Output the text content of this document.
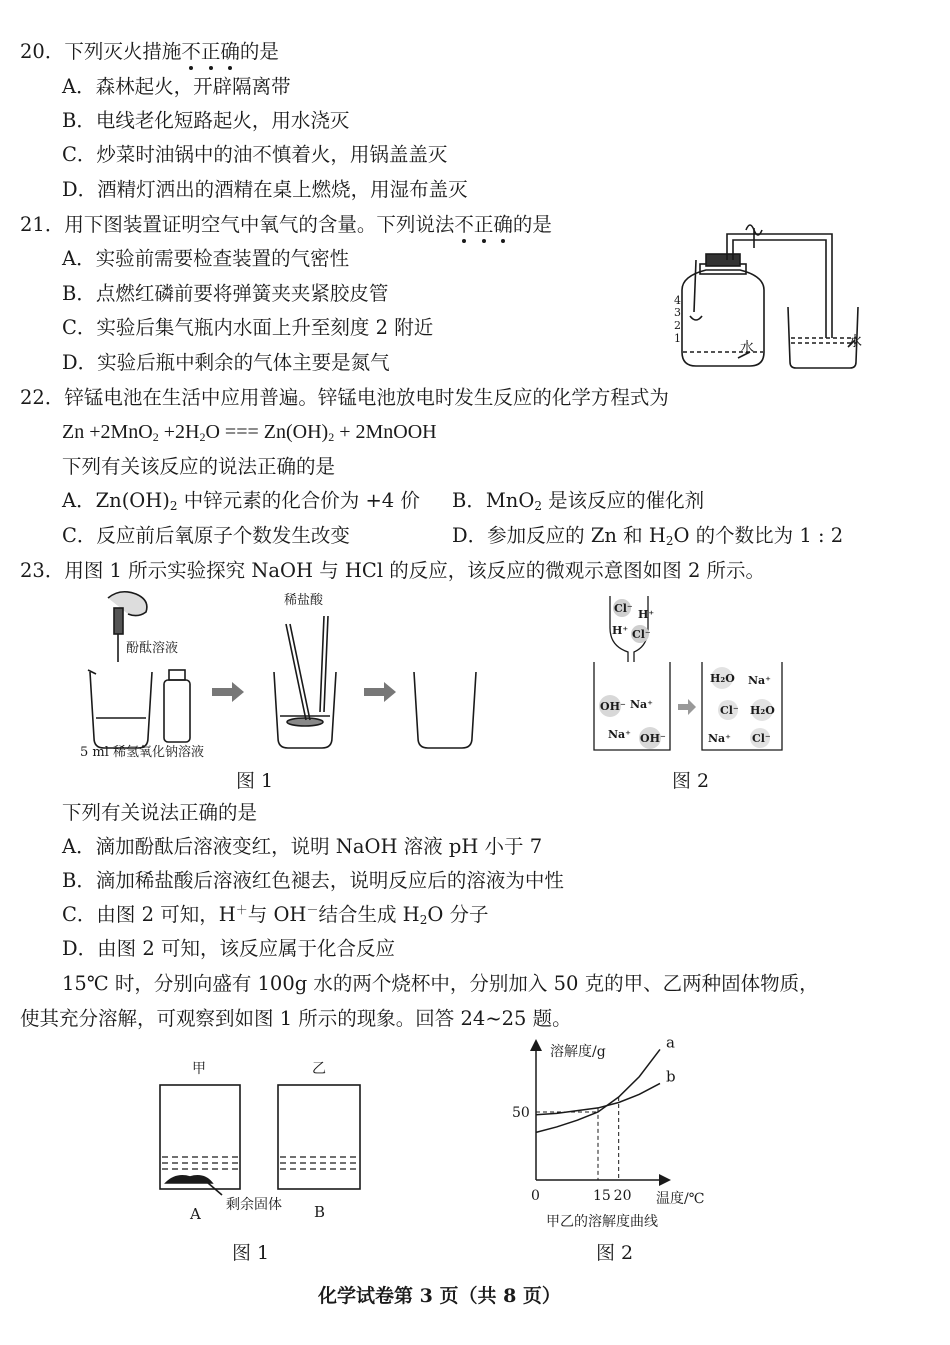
20．下列灭火措施不
正
确
的是
A．森林起火，开辟隔离带
B．电线老化短路起火，用水浇灭
C．炒菜时油锅中的油不慎着火，用锅盖盖灭
D．酒精灯洒出的酒精在桌上燃烧，用湿布盖灭
21．用下图装置证明空气中氧气的含量。下列说法不
正
确
的是
A．实验前需要检查装置的气密性
B．点燃红磷前要将弹簧夹夹紧胶皮管
C．实验后集气瓶内水面上升至刻度 2 附近
D．实验后瓶中剩余的气体主要是氮气
4
3
2
1
水	水
22．锌锰电池在生活中应用普遍。锌锰电池放电时发生反应的化学方程式为
$Zn +2MnO_2 +2H_2O$ === $Zn(OH)_2$ + 2MnOOH
下列有关该反应的说法正确的是
A．$Zn(OH)_2$ 中锌元素的化合价为 +4 价 B．MnO$_2$ 是该反应的催化剂
C．反应前后氧原子个数发生改变	D．参加反应的 Zn 和 $H_2O$ 的个数比为 1 : 2
23．用图 1 所示实验探究 NaOH 与 HCl 的反应，该反应的微观示意图如图 2 所示。
酚酞溶液
稀盐酸
5 ml 稀氢氧化钠溶液
图 1
Cl⁻ H⁺
H⁺ Cl⁻
OH⁻ Na⁺
Na⁺ OH⁻
H₂O Na⁺
Cl⁻ H₂O
Na⁺ Cl⁻
图 2
下列有关说法正确的是
A．滴加酚酞后溶液变红，说明 NaOH 溶液 pH 小于 7
B．滴加稀盐酸后溶液红色褪去，说明反应后的溶液为中性
C．由图 2 可知，H＋与 OH－结合生成 $H_2O$ 分子
D．由图 2 可知，该反应属于化合反应
15℃ 时，分别向盛有 100g 水的两个烧杯中，分别加入 50 克的甲、乙两种固体物质，
使其充分溶解，可观察到如图 1 所示的现象。回答 24~25 题。
甲	乙
A	B
剩余固体
图 1
溶解度/g
温度/℃
甲乙的溶解度曲线
0	15 20
50
a
b
图 2
化学试卷第 3 页（共 8 页）
